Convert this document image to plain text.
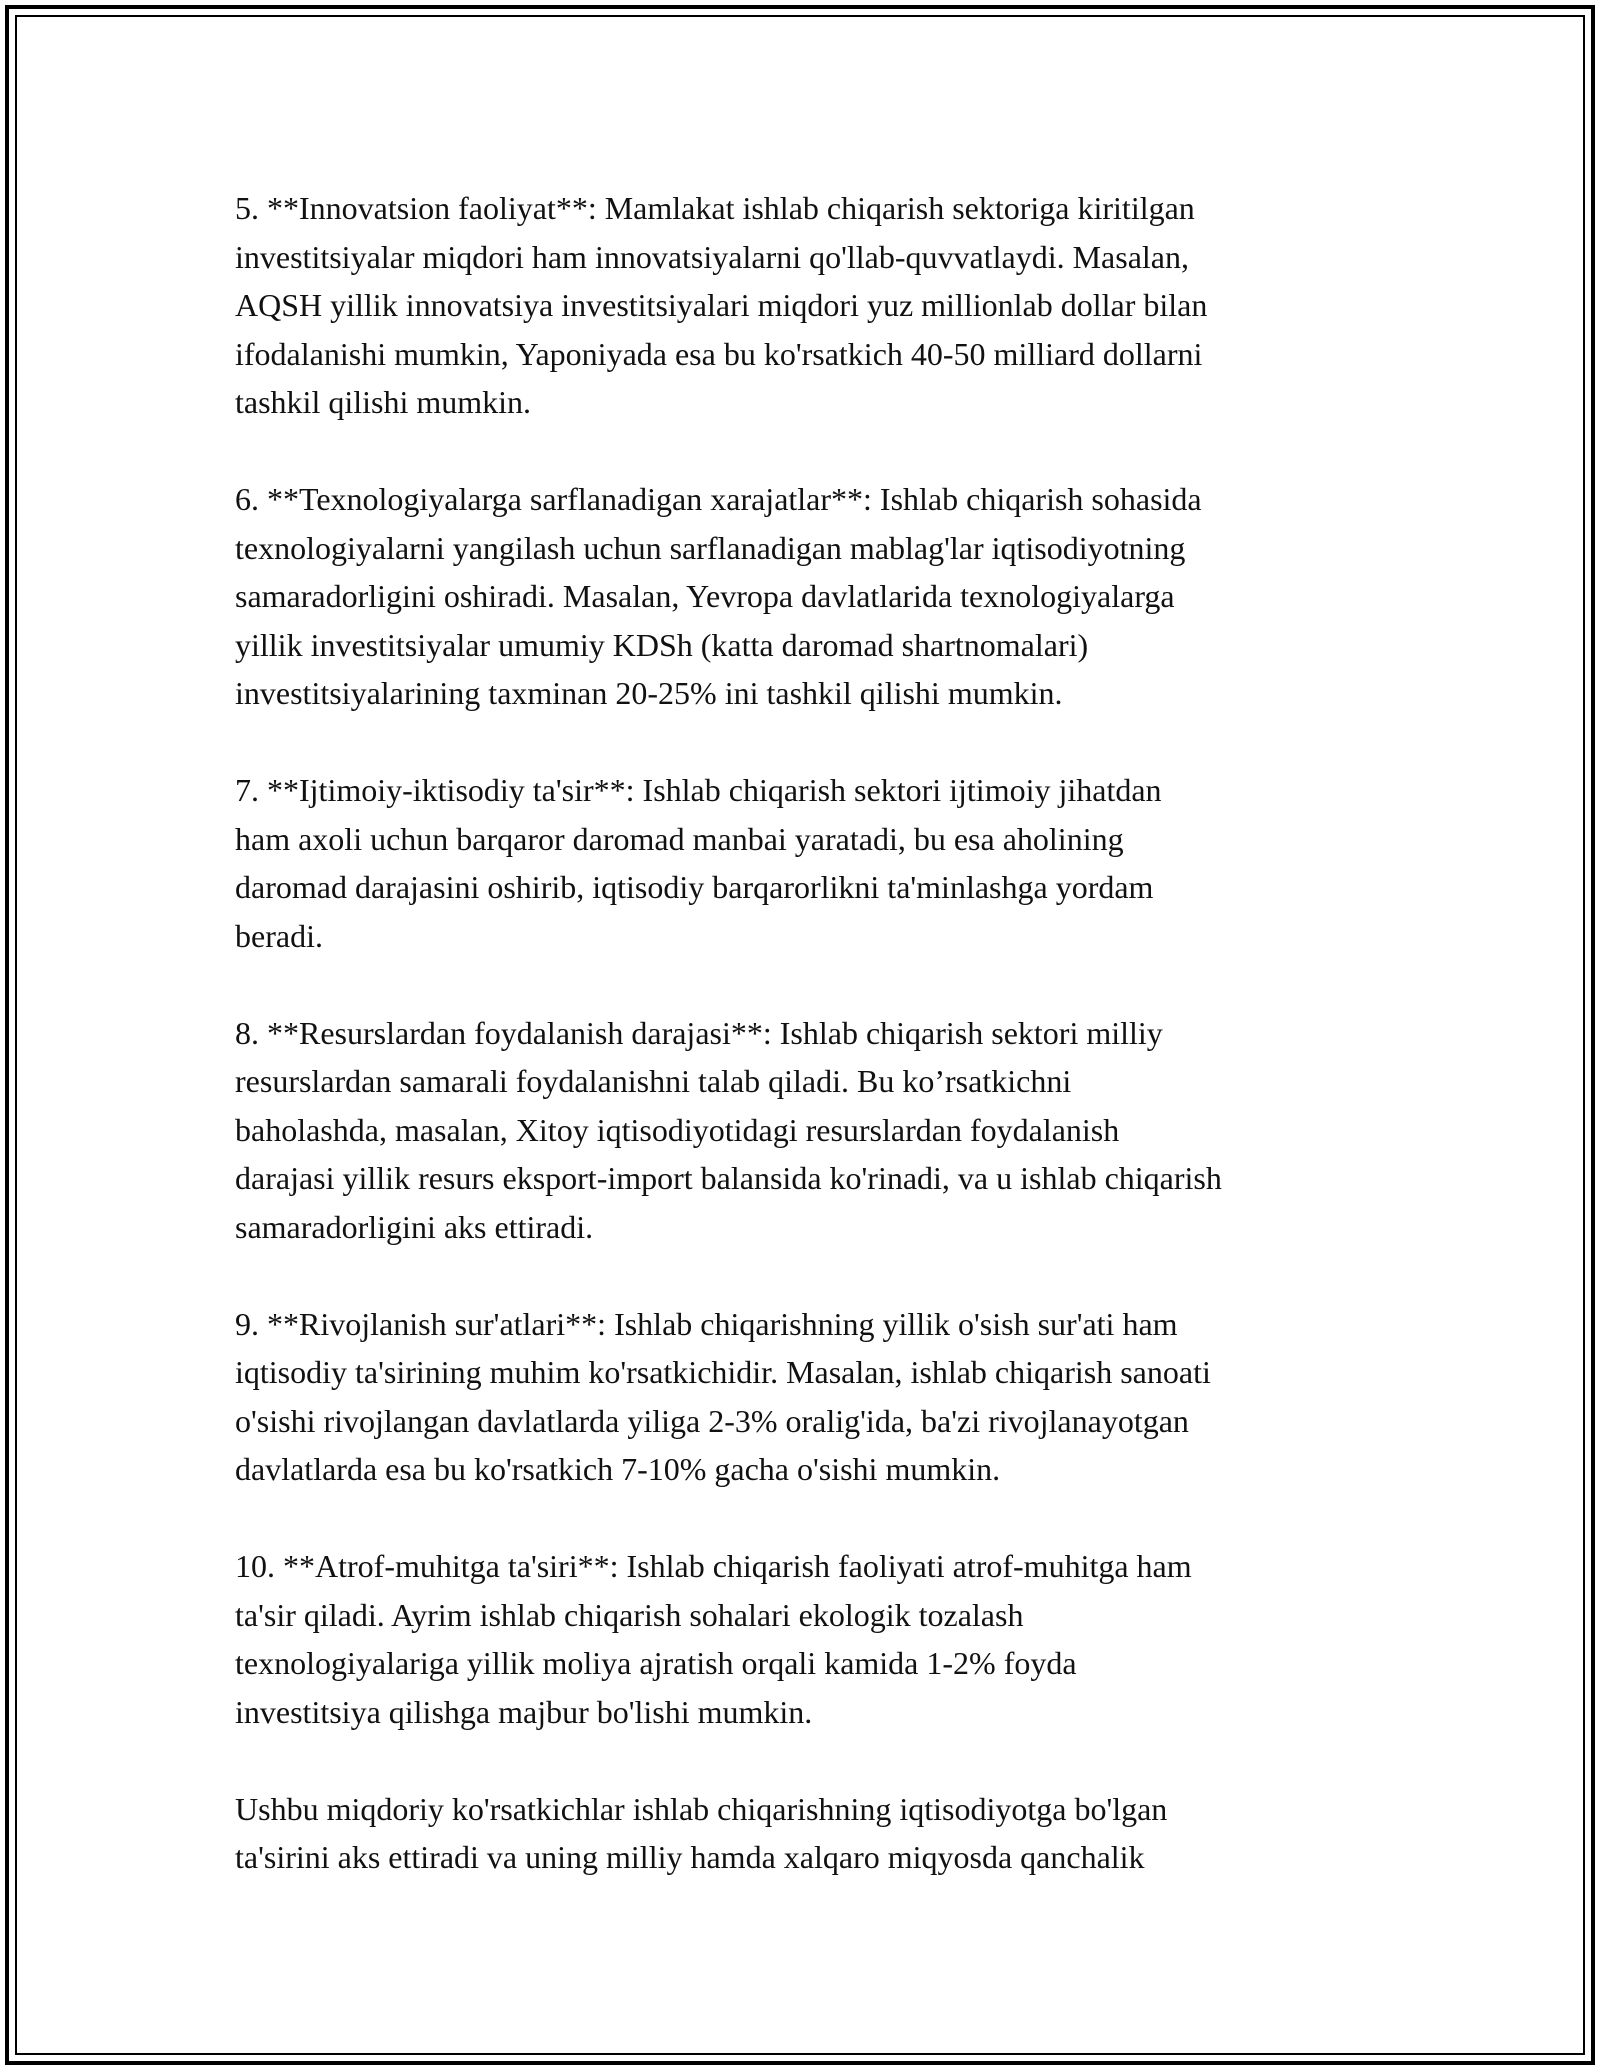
5. **Innovatsion faoliyat**: Mamlakat ishlab chiqarish sektoriga kiritilgan
investitsiyalar miqdori ham innovatsiyalarni qo'llab-quvvatlaydi. Masalan,
AQSH yillik innovatsiya investitsiyalari miqdori yuz millionlab dollar bilan
ifodalanishi mumkin, Yaponiyada esa bu ko'rsatkich 40-50 milliard dollarni
tashkil qilishi mumkin.

6. **Texnologiyalarga sarflanadigan xarajatlar**: Ishlab chiqarish sohasida
texnologiyalarni yangilash uchun sarflanadigan mablag'lar iqtisodiyotning
samaradorligini oshiradi. Masalan, Yevropa davlatlarida texnologiyalarga
yillik investitsiyalar umumiy KDSh (katta daromad shartnomalari)
investitsiyalarining taxminan 20-25% ini tashkil qilishi mumkin.

7. **Ijtimoiy-iktisodiy ta'sir**: Ishlab chiqarish sektori ijtimoiy jihatdan
ham axoli uchun barqaror daromad manbai yaratadi, bu esa aholining
daromad darajasini oshirib, iqtisodiy barqarorlikni ta'minlashga yordam
beradi.

8. **Resurslardan foydalanish darajasi**: Ishlab chiqarish sektori milliy
resurslardan samarali foydalanishni talab qiladi. Bu ko’rsatkichni
baholashda, masalan, Xitoy iqtisodiyotidagi resurslardan foydalanish
darajasi yillik resurs eksport-import balansida ko'rinadi, va u ishlab chiqarish
samaradorligini aks ettiradi.

9. **Rivojlanish sur'atlari**: Ishlab chiqarishning yillik o'sish sur'ati ham
iqtisodiy ta'sirining muhim ko'rsatkichidir. Masalan, ishlab chiqarish sanoati
o'sishi rivojlangan davlatlarda yiliga 2-3% oralig'ida, ba'zi rivojlanayotgan
davlatlarda esa bu ko'rsatkich 7-10% gacha o'sishi mumkin.

10. **Atrof-muhitga ta'siri**: Ishlab chiqarish faoliyati atrof-muhitga ham
ta'sir qiladi. Ayrim ishlab chiqarish sohalari ekologik tozalash
texnologiyalariga yillik moliya ajratish orqali kamida 1-2% foyda
investitsiya qilishga majbur bo'lishi mumkin.

Ushbu miqdoriy ko'rsatkichlar ishlab chiqarishning iqtisodiyotga bo'lgan
ta'sirini aks ettiradi va uning milliy hamda xalqaro miqyosda qanchalik
